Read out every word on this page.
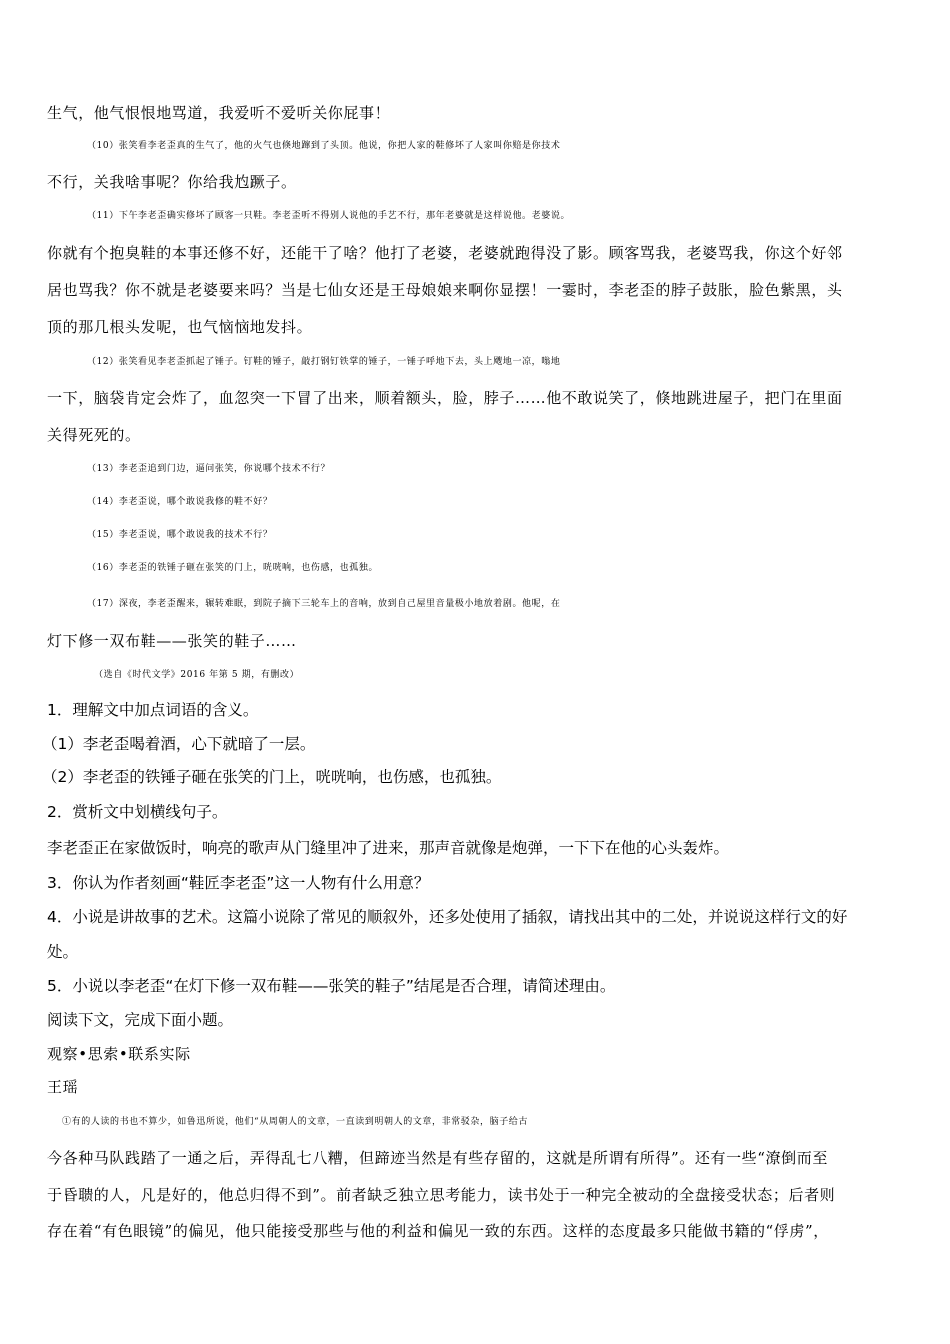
生气，他气恨恨地骂道，我爱听不爱听关你屁事！
（10）张笑看李老歪真的生气了，他的火气也倏地蹿到了头顶。他说，你把人家的鞋修坏了人家叫你赔是你技术
不行，关我啥事呢？你给我尥蹶子。
（11）下午李老歪确实修坏了顾客一只鞋。李老歪听不得别人说他的手艺不行，那年老婆就是这样说他。老婆说。
你就有个抱臭鞋的本事还修不好，还能干了啥？他打了老婆，老婆就跑得没了影。顾客骂我，老婆骂我，你这个好邻
居也骂我？你不就是老婆要来吗？当是七仙女还是王母娘娘来啊你显摆！一霎时，李老歪的脖子鼓胀，脸色紫黑，头
顶的那几根头发呢，也气恼恼地发抖。
（12）张笑看见李老歪抓起了锤子。钉鞋的锤子，敲打钢钉铁掌的锤子，一锤子呼地下去，头上飕地一凉，嗡地
一下，脑袋肯定会炸了，血忽突一下冒了出来，顺着额头，脸，脖子……他不敢说笑了，倏地跳进屋子，把门在里面
关得死死的。
（13）李老歪追到门边，逼问张笑，你说哪个技术不行？
（14）李老歪说，哪个敢说我修的鞋不好？
（15）李老歪说，哪个敢说我的技术不行？
（16）李老歪的铁锤子砸在张笑的门上，咣咣响，也伤感，也孤独。
（17）深夜，李老歪醒来，辗转难眠，到院子摘下三轮车上的音响，放到自己屋里音量极小地放着剧。他呢，在
灯下修一双布鞋——张笑的鞋子……
（选自《时代文学》2016 年第 5 期，有删改）
1．理解文中加点词语的含义。
（1）李老歪喝着酒，心下就暗了一层。
（2）李老歪的铁锤子砸在张笑的门上，咣咣响，也伤感，也孤独。
2．赏析文中划横线句子。
李老歪正在家做饭时，响亮的歌声从门缝里冲了进来，那声音就像是炮弹，一下下在他的心头轰炸。
3．你认为作者刻画“鞋匠李老歪”这一人物有什么用意？
4．小说是讲故事的艺术。这篇小说除了常见的顺叙外，还多处使用了插叙，请找出其中的二处，并说说这样行文的好
处。
5．小说以李老歪“在灯下修一双布鞋——张笑的鞋子”结尾是否合理，请简述理由。
阅读下文，完成下面小题。
观察•思索•联系实际
王瑶
①有的人读的书也不算少，如鲁迅所说，他们“从周朝人的文章，一直读到明朝人的文章，非常驳杂，脑子给古
今各种马队践踏了一通之后，弄得乱七八糟，但蹄迹当然是有些存留的，这就是所谓有所得”。还有一些“潦倒而至
于昏聩的人，凡是好的，他总归得不到”。前者缺乏独立思考能力，读书处于一种完全被动的全盘接受状态；后者则
存在着“有色眼镜”的偏见，他只能接受那些与他的利益和偏见一致的东西。这样的态度最多只能做书籍的“俘虏”，
